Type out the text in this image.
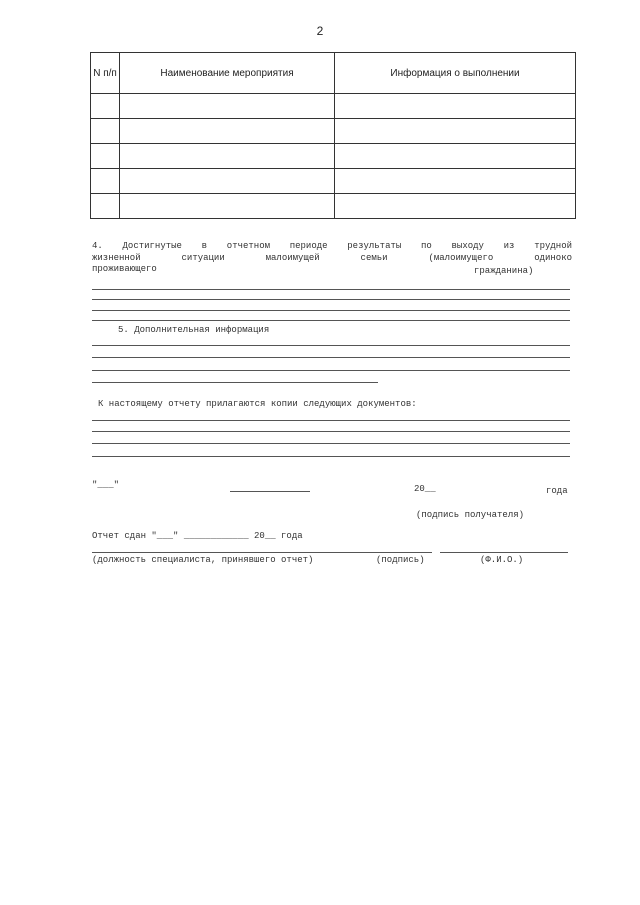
2
N п/п	Наименование мероприятия	Информация о выполнении

4. Достигнутые в отчетном периоде результаты по выходу из трудной
жизненной ситуации малоимущей семьи (малоимущего одиноко
проживающего	гражданина)
5. Дополнительная информация
К настоящему отчету прилагаются копии следующих документов:
"___"	20__	года
(подпись получателя)
Отчет сдан "___" ____________ 20__ года
(должность специалиста, принявшего отчет)	(подпись)	(Ф.И.О.)
